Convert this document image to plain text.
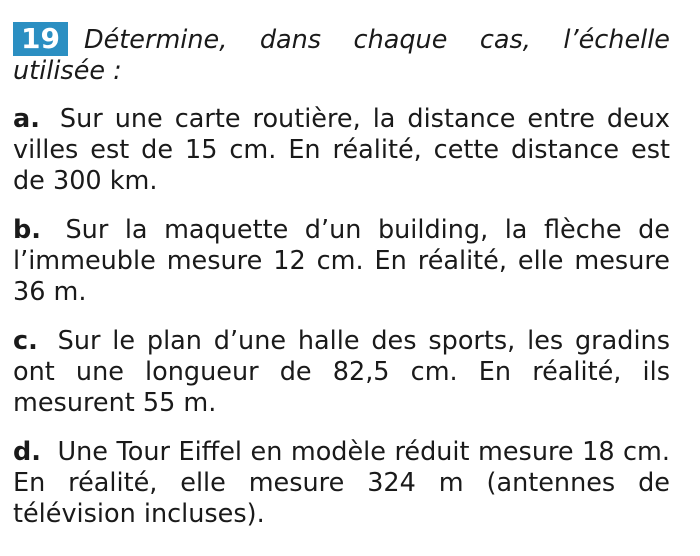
19 Détermine, dans chaque cas, l’échelle utilisée :
a. Sur une carte routière, la distance entre deux villes est de 15 cm. En réalité, cette distance est de 300 km.
b. Sur la maquette d’un building, la flèche de l’immeuble mesure 12 cm. En réalité, elle mesure 36 m.
c. Sur le plan d’une halle des sports, les gradins ont une longueur de 82,5 cm. En réalité, ils mesurent 55 m.
d. Une Tour Eiffel en modèle réduit mesure 18 cm. En réalité, elle mesure 324 m (antennes de télévision incluses).
